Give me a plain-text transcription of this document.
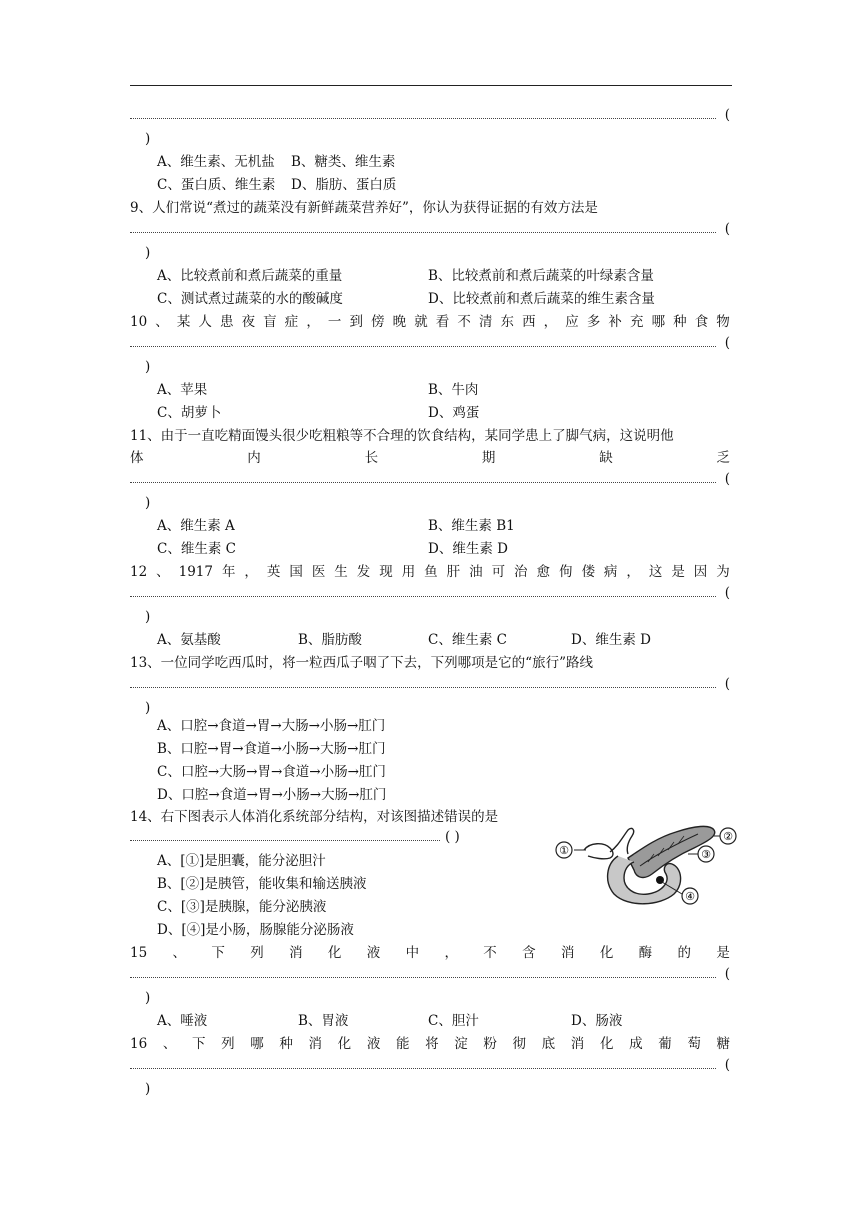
(
)
A、维生素、无机盐 B、糖类、维生素
C、蛋白质、维生素 D、脂肪、蛋白质
9、人们常说“煮过的蔬菜没有新鲜蔬菜营养好”，你认为获得证据的有效方法是
(
)
A、比较煮前和煮后蔬菜的重量	B、比较煮前和煮后蔬菜的叶绿素含量
C、测试煮过蔬菜的水的酸碱度	D、比较煮前和煮后蔬菜的维生素含量
10 、 某 人 患 夜 盲 症 ， 一 到 傍 晚 就 看 不 清 东 西 ， 应 多 补 充 哪 种 食 物
(
)
A、苹果	B、牛肉
C、胡萝卜	D、鸡蛋
11、由于一直吃精面馒头很少吃粗粮等不合理的饮食结构，某同学患上了脚气病，这说明他
体	内	长	期	缺	乏
(
)
A、维生素 A	B、维生素 B1
C、维生素 C	D、维生素 D
12 、 1917 年 ， 英 国 医 生 发 现 用 鱼 肝 油 可 治 愈 佝 偻 病 ， 这 是 因 为
(
)
A、氨基酸	B、脂肪酸	C、维生素 C	D、维生素 D
13、一位同学吃西瓜时，将一粒西瓜子咽了下去，下列哪项是它的“旅行”路线
(
)
A、口腔→食道→胃→大肠→小肠→肛门
B、口腔→胃→食道→小肠→大肠→肛门
C、口腔→大肠→胃→食道→小肠→肛门
D、口腔→食道→胃→小肠→大肠→肛门
14、右下图表示人体消化系统部分结构，对该图描述错误的是
( )
A、[①]是胆囊，能分泌胆汁
B、[②]是胰管，能收集和输送胰液
C、[③]是胰腺，能分泌胰液
D、[④]是小肠，肠腺能分泌肠液
①
②
③
④
15 、 下 列 消 化 液 中 ， 不 含 消 化 酶 的 是
(
)
A、唾液	B、胃液	C、胆汁	D、肠液
16 、 下 列 哪 种 消 化 液 能 将 淀 粉 彻 底 消 化 成 葡 萄 糖
(
)
